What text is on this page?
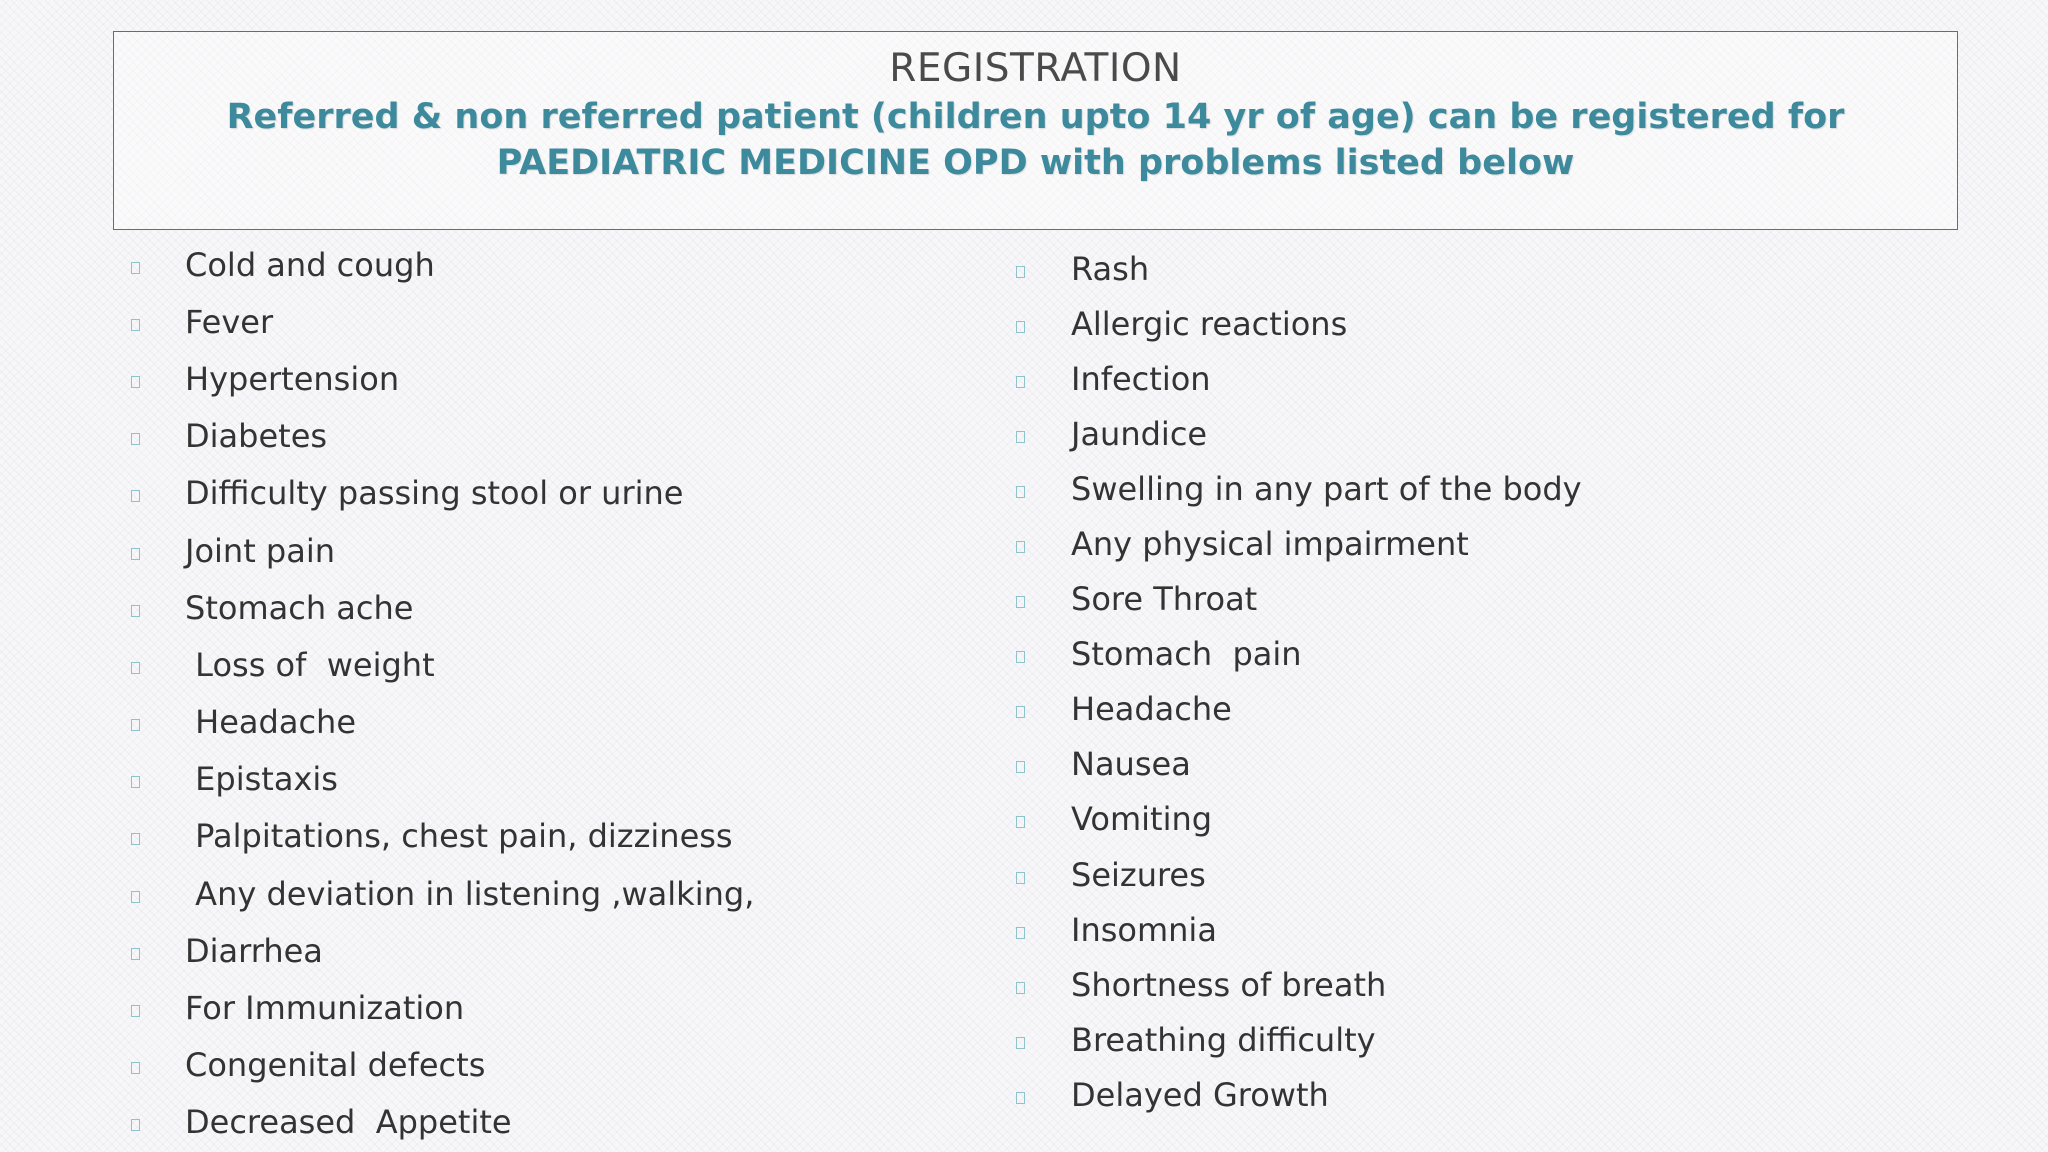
REGISTRATION
Referred & non referred patient (children upto 14 yr of age) can be registered for PAEDIATRIC MEDICINE OPD with problems listed below
Cold and cough
Fever
Hypertension
Diabetes
Difficulty passing stool or urine
Joint pain
Stomach ache
Loss of  weight
Headache
Epistaxis
Palpitations, chest pain, dizziness
Any deviation in listening ,walking,
Diarrhea
For Immunization
Congenital defects
Decreased  Appetite
Rash
Allergic reactions
Infection
Jaundice
Swelling in any part of the body
Any physical impairment
Sore Throat
Stomach  pain
Headache
Nausea
Vomiting
Seizures
Insomnia
Shortness of breath
Breathing difficulty
Delayed Growth
